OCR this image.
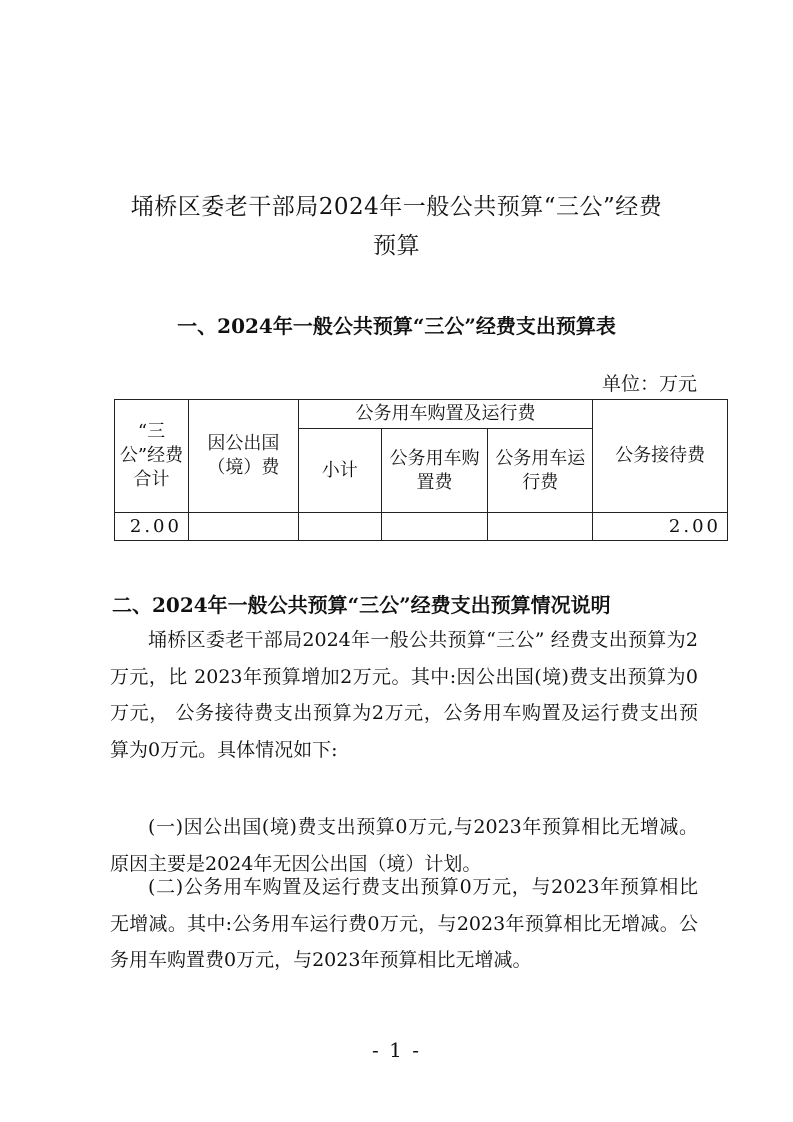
埇桥区委老干部局2024年一般公共预算“三公”经费
预算
一、2024年一般公共预算“三公”经费支出预算表
单位：万元
“三公”经费合计	因公出国（境）费	公务用车购置及运行费			公务接待费
		小计	公务用车购置费	公务用车运行费	
2.00					2.00
二、2024年一般公共预算“三公”经费支出预算情况说明
埇桥区委老干部局2024年一般公共预算“三公” 经费支出预算为2万元，比 2023年预算增加2万元。其中:因公出国(境)费支出预算为0万元， 公务接待费支出预算为2万元，公务用车购置及运行费支出预算为0万元。具体情况如下:
(一)因公出国(境)费支出预算0万元,与2023年预算相比无增减。原因主要是2024年无因公出国（境）计划。
(二)公务用车购置及运行费支出预算0万元，与2023年预算相比无增减。其中:公务用车运行费0万元，与2023年预算相比无增减。公务用车购置费0万元，与2023年预算相比无增减。
- 1 -
